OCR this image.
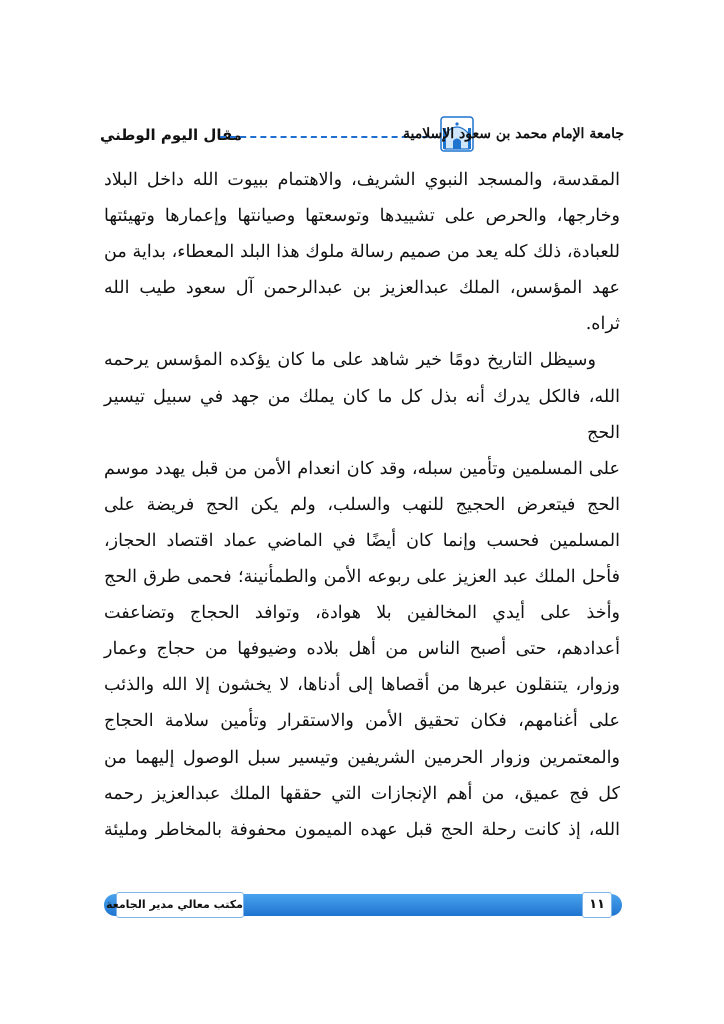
مقال اليوم الوطني	جامعة الإمام محمد بن سعود الإسلامية

المقدسة، والمسجد النبوي الشريف، والاهتمام ببيوت الله داخل البلاد

وخارجها، والحرص على تشييدها وتوسعتها وصيانتها وإعمارها وتهيئتها

للعبادة، ذلك كله يعد من صميم رسالة ملوك هذا البلد المعطاء، بداية من

عهد المؤسس، الملك عبدالعزيز بن عبدالرحمن آل سعود طيب الله ثراه.

وسيظل التاريخ دومًا خير شاهد على ما كان يؤكده المؤسس يرحمه

الله، فالكل يدرك أنه بذل كل ما كان يملك من جهد في سبيل تيسير الحج

على المسلمين وتأمين سبله، وقد كان انعدام الأمن من قبل يهدد موسم

الحج فيتعرض الحجيج للنهب والسلب، ولم يكن الحج فريضة على

المسلمين فحسب وإنما كان أيضًا في الماضي عماد اقتصاد الحجاز،

فأحل الملك عبد العزيز على ربوعه الأمن والطمأنينة؛ فحمى طرق الحج

وأخذ على أيدي المخالفين بلا هوادة، وتوافد الحجاج وتضاعفت

أعدادهم، حتى أصبح الناس من أهل بلاده وضيوفها من حجاج وعمار

وزوار، يتنقلون عبرها من أقصاها إلى أدناها، لا يخشون إلا الله والذئب

على أغنامهم، فكان تحقيق الأمن والاستقرار وتأمين سلامة الحجاج

والمعتمرين وزوار الحرمين الشريفين وتيسير سبل الوصول إليهما من

كل فج عميق، من أهم الإنجازات التي حققها الملك عبدالعزيز رحمه

الله، إذ كانت رحلة الحج قبل عهده الميمون محفوفة بالمخاطر ومليئة

مكتب معالي مدير الجامعة	١١
